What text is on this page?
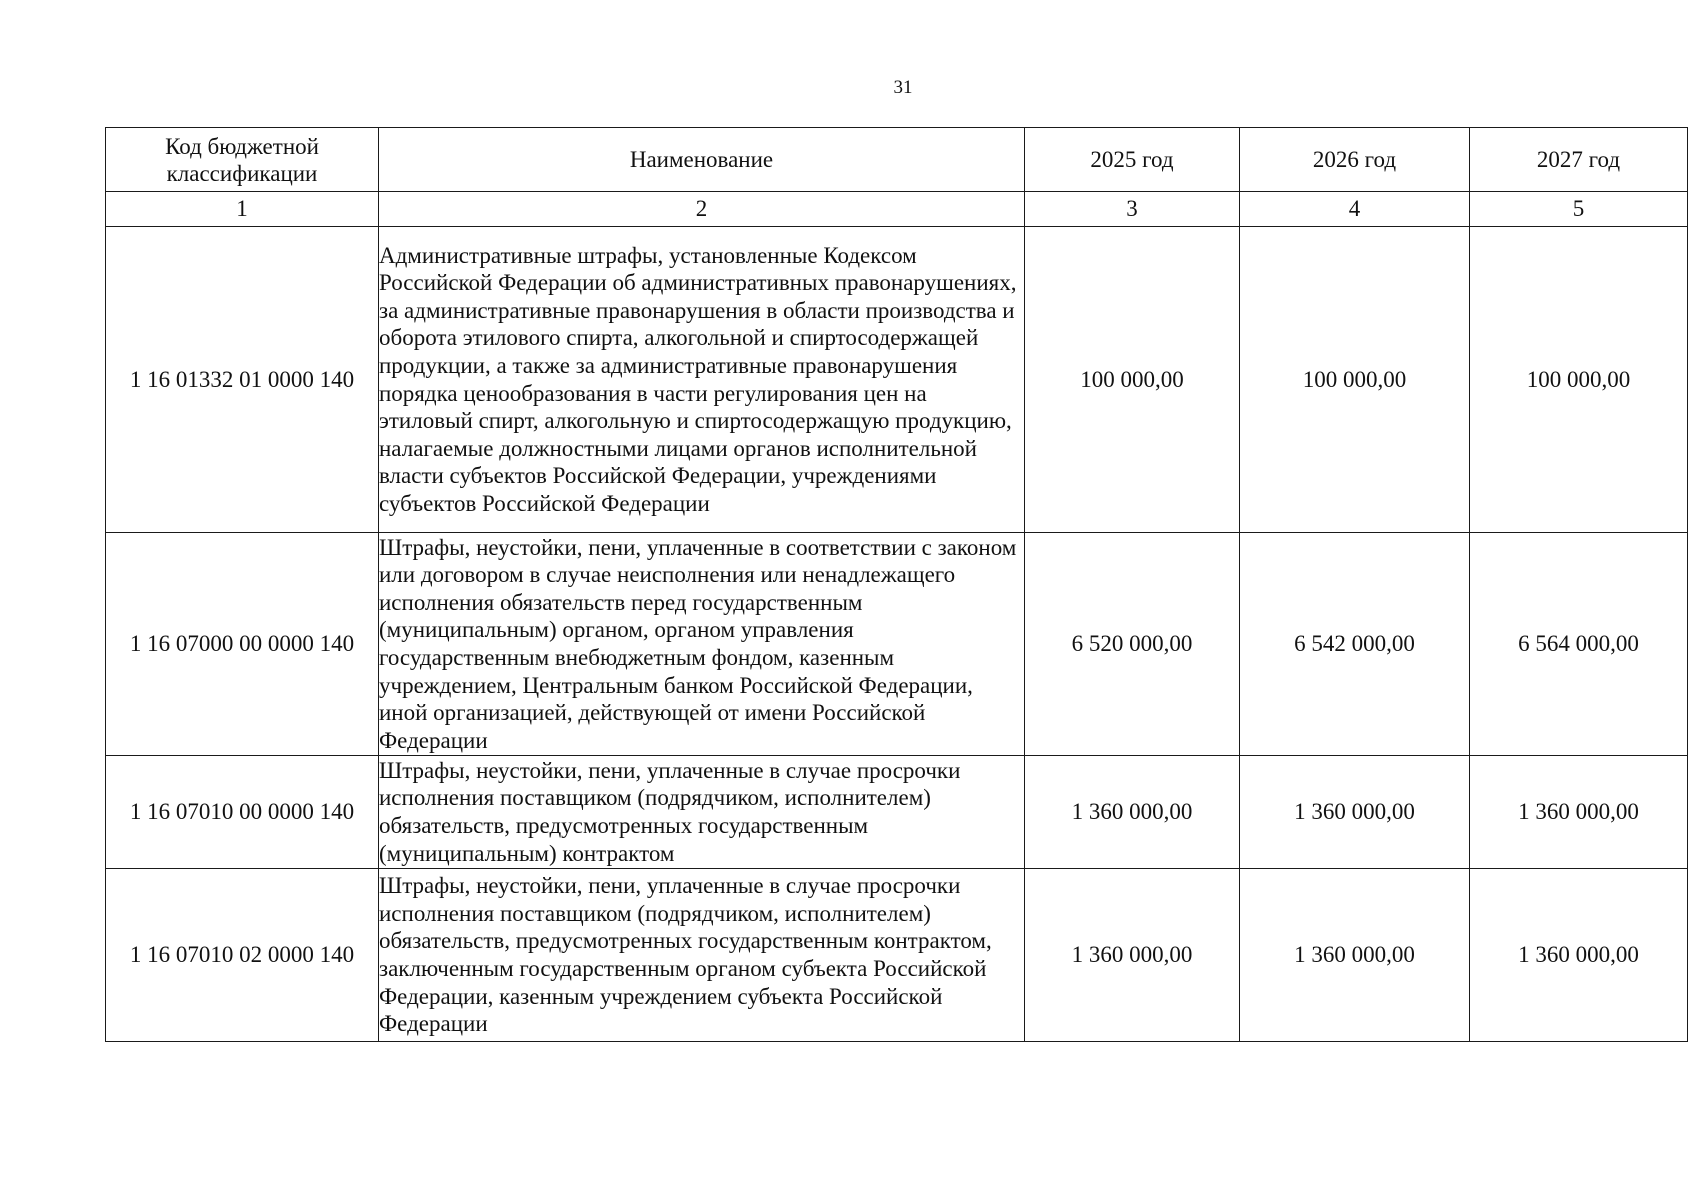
31
Код бюджетной классификации	Наименование	2025 год	2026 год	2027 год
1	2	3	4	5
1 16 01332 01 0000 140	Административные штрафы, установленные Кодексом Российской Федерации об административных правонарушениях, за административные правонарушения в области производства и оборота этилового спирта, алкогольной и спиртосодержащей продукции, а также за административные правонарушения порядка ценообразования в части регулирования цен на этиловый спирт, алкогольную и спиртосодержащую продукцию, налагаемые должностными лицами органов исполнительной власти субъектов Российской Федерации, учреждениями субъектов Российской Федерации	100 000,00	100 000,00	100 000,00
1 16 07000 00 0000 140	Штрафы, неустойки, пени, уплаченные в соответствии с законом или договором в случае неисполнения или ненадлежащего исполнения обязательств перед государственным (муниципальным) органом, органом управления государственным внебюджетным фондом, казенным учреждением, Центральным банком Российской Федерации, иной организацией, действующей от имени Российской Федерации	6 520 000,00	6 542 000,00	6 564 000,00
1 16 07010 00 0000 140	Штрафы, неустойки, пени, уплаченные в случае просрочки исполнения поставщиком (подрядчиком, исполнителем) обязательств, предусмотренных государственным (муниципальным) контрактом	1 360 000,00	1 360 000,00	1 360 000,00
1 16 07010 02 0000 140	Штрафы, неустойки, пени, уплаченные в случае просрочки исполнения поставщиком (подрядчиком, исполнителем) обязательств, предусмотренных государственным контрактом, заключенным государственным органом субъекта Российской Федерации, казенным учреждением субъекта Российской Федерации	1 360 000,00	1 360 000,00	1 360 000,00
